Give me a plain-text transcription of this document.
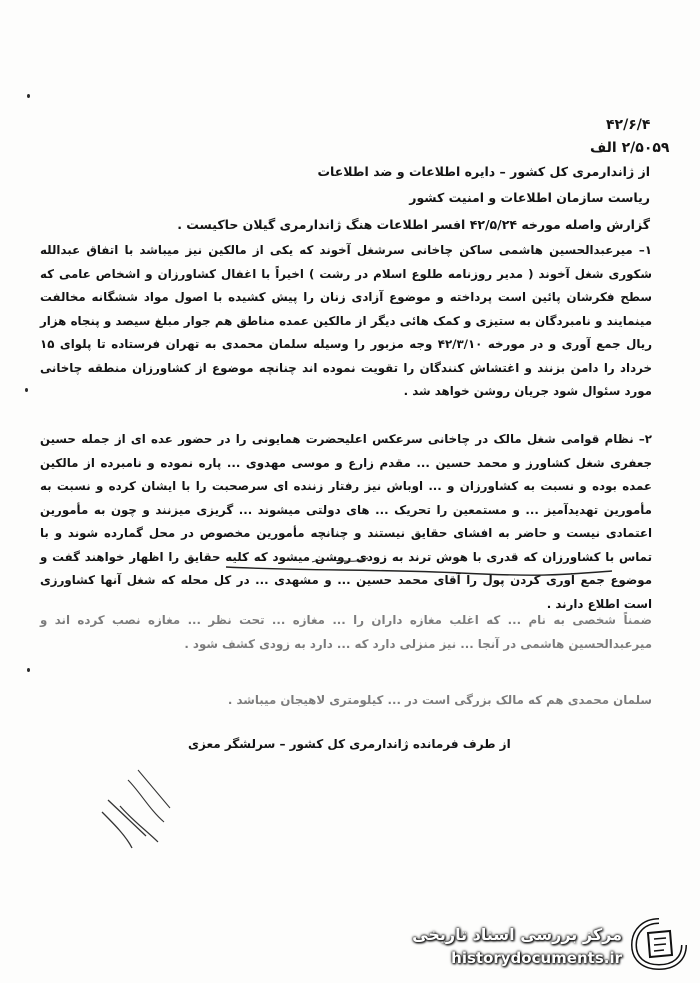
۴۲/۶/۴
۲/۵۰۵۹ الف
از ژاندارمری کل کشور – دایره اطلاعات و ضد اطلاعات
ریاست سازمان اطلاعات و امنیت کشور
گزارش واصله مورخه ۴۲/۵/۲۴ افسر اطلاعات هنگ ژاندارمری گیلان حاکیست .
۱– میرعبدالحسین هاشمی ساکن چاخانی سرشغل آخوند که یکی از مالکین نیز میباشد با اتفاق عبدالله شکوری شغل آخوند ( مدیر روزنامه طلوع اسلام در رشت ) اخیراً با اغفال کشاورزان و اشخاص عامی که سطح فکرشان پائین است پرداخته و موضوع آزادی زنان را پیش کشیده با اصول مواد ششگانه مخالفت مینمایند و نامبردگان به ستیزی و کمک هائی دیگر از مالکین عمده مناطق هم جوار مبلغ سیصد و پنجاه هزار ریال جمع آوری و در مورخه ۴۲/۳/۱۰ وجه مزبور را وسیله سلمان محمدی به تهران فرستاده تا پلوای ۱۵ خرداد را دامن بزنند و اغتشاش کنندگان را تقویت نموده اند چنانچه موضوع از کشاورزان منطقه چاخانی مورد سئوال شود جریان روشن خواهد شد .
۲– نظام قوامی شغل مالک در چاخانی سرعکس اعلیحضرت همایونی را در حضور عده ای از جمله حسین جعفری شغل کشاورز و محمد حسین ... مقدم زارع و موسی مهدوی ... پاره نموده و نامبرده از مالکین عمده بوده و نسبت به کشاورزان و ... اوباش نیز رفتار زننده ای سرصحبت را با ایشان کرده و نسبت به مأمورین تهدیدآمیز ... و مستمعین را تحریک ... های دولتی میشوند ... گریزی میزنند و چون به مأمورین اعتمادی نیست و حاضر به افشای حقایق نیستند و چنانچه مأمورین مخصوص در محل گمارده شوند و با تماس با کشاورزان که قدری با هوش ترند به زودی روشن میشود که کلیه حقایق را اظهار خواهند گفت و موضوع جمع آوری کردن پول را آقای محمد حسین ... و مشهدی ... در کل محله که شغل آنها کشاورزی است اطلاع دارند .
ضمناً شخصی به نام ... که اغلب مغازه داران را ... مغازه ... تحت نظر ... مغازه نصب کرده اند و میرعبدالحسین هاشمی در آنجا ... نیز منزلی دارد که ... دارد به زودی کشف شود .
سلمان محمدی هم که مالک بزرگی است در ... کیلومتری لاهیجان میباشد .
از طرف فرمانده ژاندارمری کل کشور – سرلشگر معزی
مرکز بررسی اسناد تاریخی
historydocuments.ir
